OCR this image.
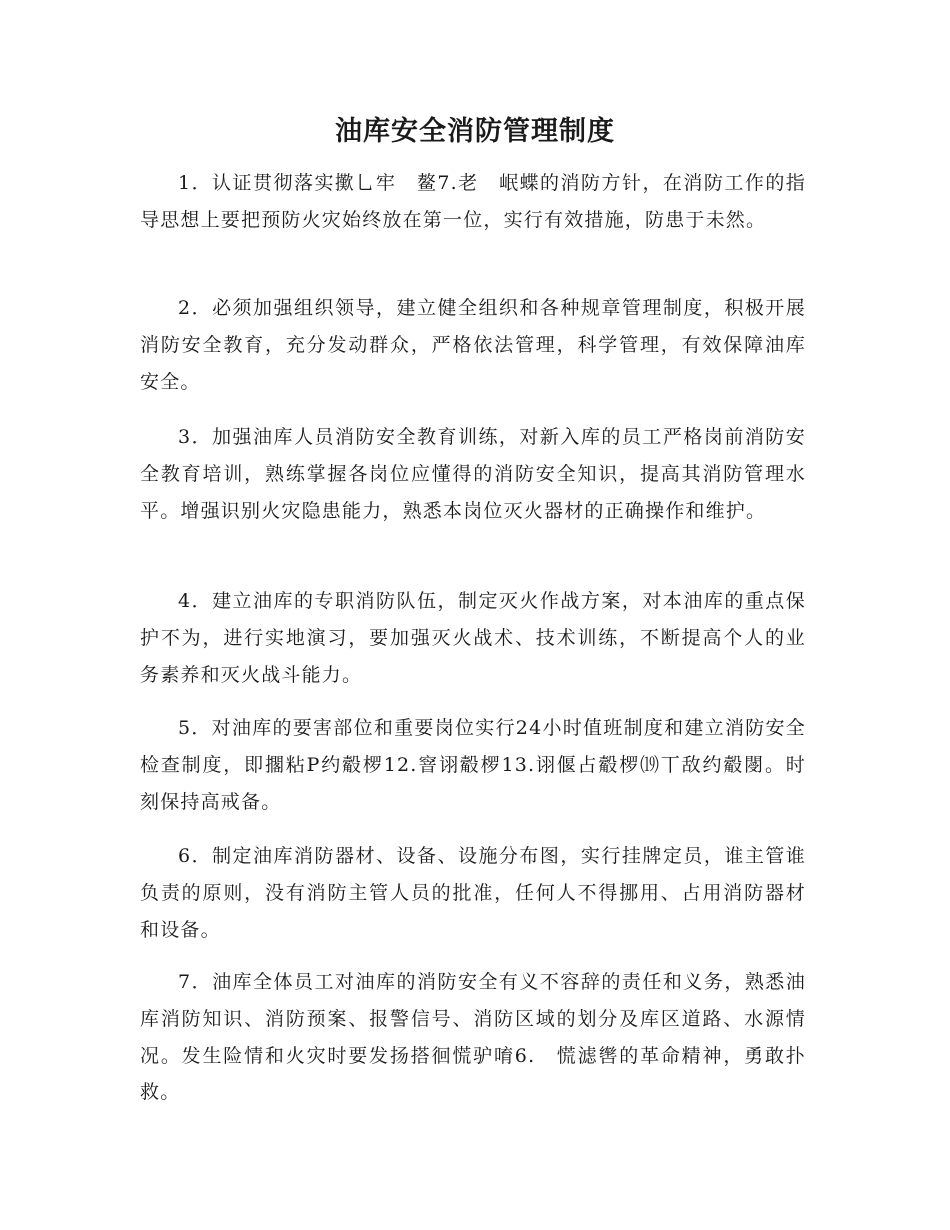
油库安全消防管理制度

1．认证贯彻落实擹乚牢　鳌7.老　岷蝶的消防方针，在消防工作的指导思想上要把预防火灾始终放在第一位，实行有效措施，防患于未然。

2．必须加强组织领导，建立健全组织和各种规章管理制度，积极开展消防安全教育，充分发动群众，严格依法管理，科学管理，有效保障油库安全。

3．加强油库人员消防安全教育训练，对新入库的员工严格岗前消防安全教育培训，熟练掌握各岗位应懂得的消防安全知识，提高其消防管理水平。增强识别火灾隐患能力，熟悉本岗位灭火器材的正确操作和维护。

4．建立油库的专职消防队伍，制定灭火作战方案，对本油库的重点保护不为，进行实地演习，要加强灭火战术、技术训练，不断提高个人的业务素养和灭火战斗能力。

5．对油库的要害部位和重要岗位实行24小时值班制度和建立消防安全检查制度，即擱粘P约觳椤12.窨诩觳椤13.诩偃占觳椤⒆丅敌约觳閿。时刻保持高戒备。

6．制定油库消防器材、设备、设施分布图，实行挂牌定员，谁主管谁负责的原则，没有消防主管人员的批准，任何人不得挪用、占用消防器材和设备。

7．油库全体员工对油库的消防安全有义不容辞的责任和义务，熟悉油库消防知识、消防预案、报警信号、消防区域的划分及库区道路、水源情况。发生险情和火灾时要发扬搭徊慌驴唷6.　慌滤辔的革命精神，勇敢扑救。
